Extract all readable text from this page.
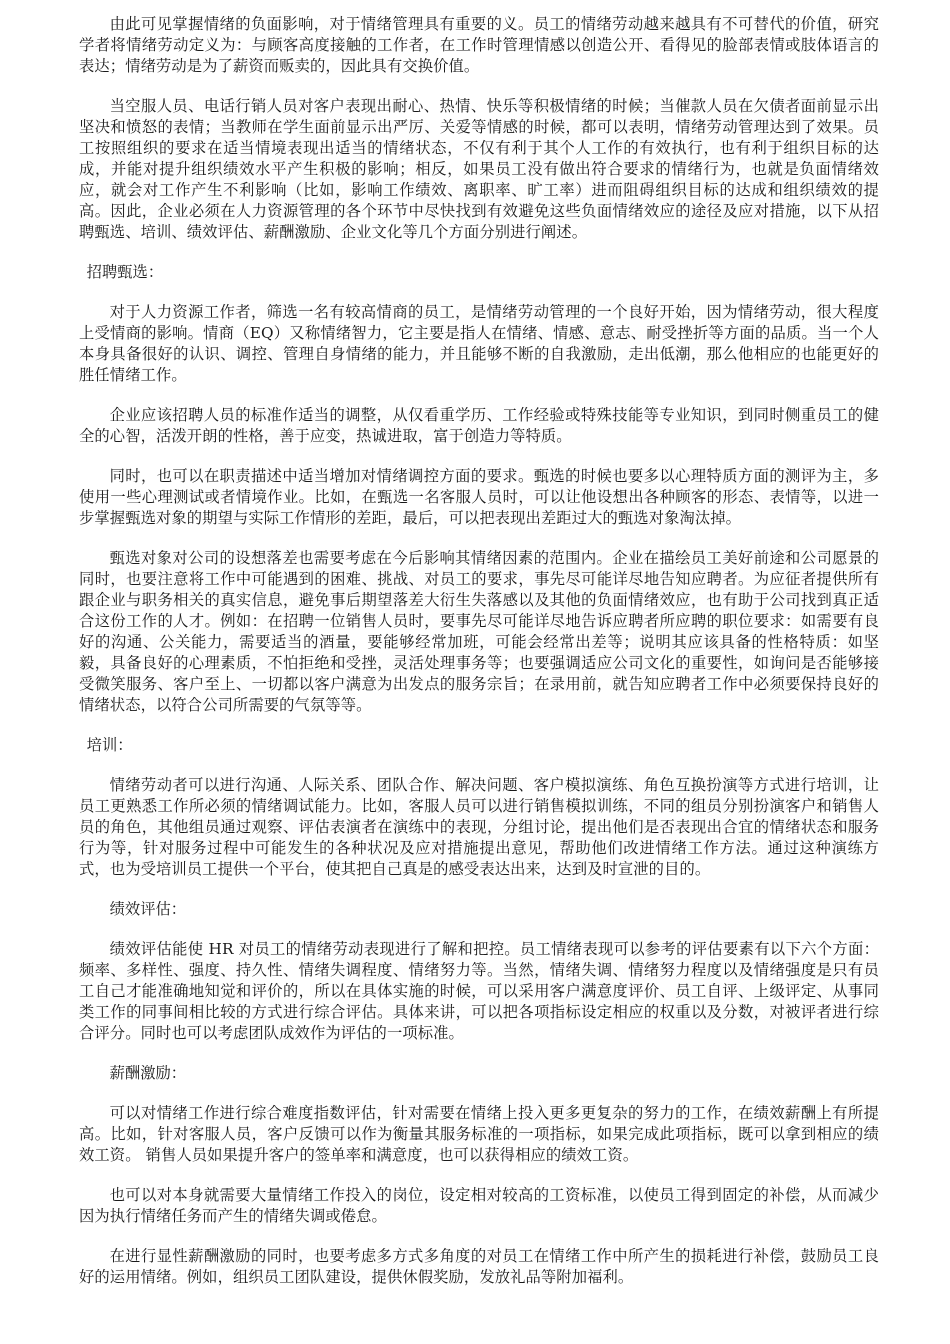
由此可见掌握情绪的负面影响，对于情绪管理具有重要的义。员工的情绪劳动越来越具有不可替代的价值，研究学者将情绪劳动定义为：与顾客高度接触的工作者，在工作时管理情感以创造公开、看得见的脸部表情或肢体语言的表达；情绪劳动是为了薪资而贩卖的，因此具有交换价值。

当空服人员、电话行销人员对客户表现出耐心、热情、快乐等积极情绪的时候；当催款人员在欠债者面前显示出坚决和愤怒的表情；当教师在学生面前显示出严厉、关爱等情感的时候，都可以表明，情绪劳动管理达到了效果。员工按照组织的要求在适当情境表现出适当的情绪状态，不仅有利于其个人工作的有效执行，也有利于组织目标的达成，并能对提升组织绩效水平产生积极的影响；相反，如果员工没有做出符合要求的情绪行为，也就是负面情绪效应，就会对工作产生不利影响（比如，影响工作绩效、离职率、旷工率）进而阻碍组织目标的达成和组织绩效的提高。因此，企业必须在人力资源管理的各个环节中尽快找到有效避免这些负面情绪效应的途径及应对措施，以下从招聘甄选、培训、绩效评估、薪酬激励、企业文化等几个方面分别进行阐述。

招聘甄选：

对于人力资源工作者，筛选一名有较高情商的员工，是情绪劳动管理的一个良好开始，因为情绪劳动，很大程度上受情商的影响。情商（EQ）又称情绪智力，它主要是指人在情绪、情感、意志、耐受挫折等方面的品质。当一个人本身具备很好的认识、调控、管理自身情绪的能力，并且能够不断的自我激励，走出低潮，那么他相应的也能更好的胜任情绪工作。

企业应该招聘人员的标准作适当的调整，从仅看重学历、工作经验或特殊技能等专业知识，到同时侧重员工的健全的心智，活泼开朗的性格，善于应变，热诚进取，富于创造力等特质。

同时，也可以在职责描述中适当增加对情绪调控方面的要求。甄选的时候也要多以心理特质方面的测评为主，多使用一些心理测试或者情境作业。比如，在甄选一名客服人员时，可以让他设想出各种顾客的形态、表情等，以进一步掌握甄选对象的期望与实际工作情形的差距，最后，可以把表现出差距过大的甄选对象淘汰掉。

甄选对象对公司的设想落差也需要考虑在今后影响其情绪因素的范围内。企业在描绘员工美好前途和公司愿景的同时，也要注意将工作中可能遇到的困难、挑战、对员工的要求，事先尽可能详尽地告知应聘者。为应征者提供所有跟企业与职务相关的真实信息，避免事后期望落差大衍生失落感以及其他的负面情绪效应，也有助于公司找到真正适合这份工作的人才。例如：在招聘一位销售人员时，要事先尽可能详尽地告诉应聘者所应聘的职位要求：如需要有良好的沟通、公关能力，需要适当的酒量，要能够经常加班，可能会经常出差等；说明其应该具备的性格特质：如坚毅，具备良好的心理素质，不怕拒绝和受挫，灵活处理事务等；也要强调适应公司文化的重要性，如询问是否能够接受微笑服务、客户至上、一切都以客户满意为出发点的服务宗旨；在录用前，就告知应聘者工作中必须要保持良好的情绪状态，以符合公司所需要的气氛等等。

培训：

情绪劳动者可以进行沟通、人际关系、团队合作、解决问题、客户模拟演练、角色互换扮演等方式进行培训，让员工更熟悉工作所必须的情绪调试能力。比如，客服人员可以进行销售模拟训练，不同的组员分别扮演客户和销售人员的角色，其他组员通过观察、评估表演者在演练中的表现，分组讨论，提出他们是否表现出合宜的情绪状态和服务行为等，针对服务过程中可能发生的各种状况及应对措施提出意见，帮助他们改进情绪工作方法。通过这种演练方式，也为受培训员工提供一个平台，使其把自己真是的感受表达出来，达到及时宣泄的目的。

绩效评估：

绩效评估能使 HR 对员工的情绪劳动表现进行了解和把控。员工情绪表现可以参考的评估要素有以下六个方面：频率、多样性、强度、持久性、情绪失调程度、情绪努力等。当然，情绪失调、情绪努力程度以及情绪强度是只有员工自己才能准确地知觉和评价的，所以在具体实施的时候，可以采用客户满意度评价、员工自评、上级评定、从事同类工作的同事间相比较的方式进行综合评估。具体来讲，可以把各项指标设定相应的权重以及分数，对被评者进行综合评分。同时也可以考虑团队成效作为评估的一项标准。

薪酬激励：

可以对情绪工作进行综合难度指数评估，针对需要在情绪上投入更多更复杂的努力的工作，在绩效薪酬上有所提高。比如，针对客服人员，客户反馈可以作为衡量其服务标准的一项指标，如果完成此项指标，既可以拿到相应的绩效工资。 销售人员如果提升客户的签单率和满意度，也可以获得相应的绩效工资。

也可以对本身就需要大量情绪工作投入的岗位，设定相对较高的工资标准，以使员工得到固定的补偿，从而减少因为执行情绪任务而产生的情绪失调或倦怠。

在进行显性薪酬激励的同时，也要考虑多方式多角度的对员工在情绪工作中所产生的损耗进行补偿，鼓励员工良好的运用情绪。例如，组织员工团队建设，提供休假奖励，发放礼品等附加福利。
